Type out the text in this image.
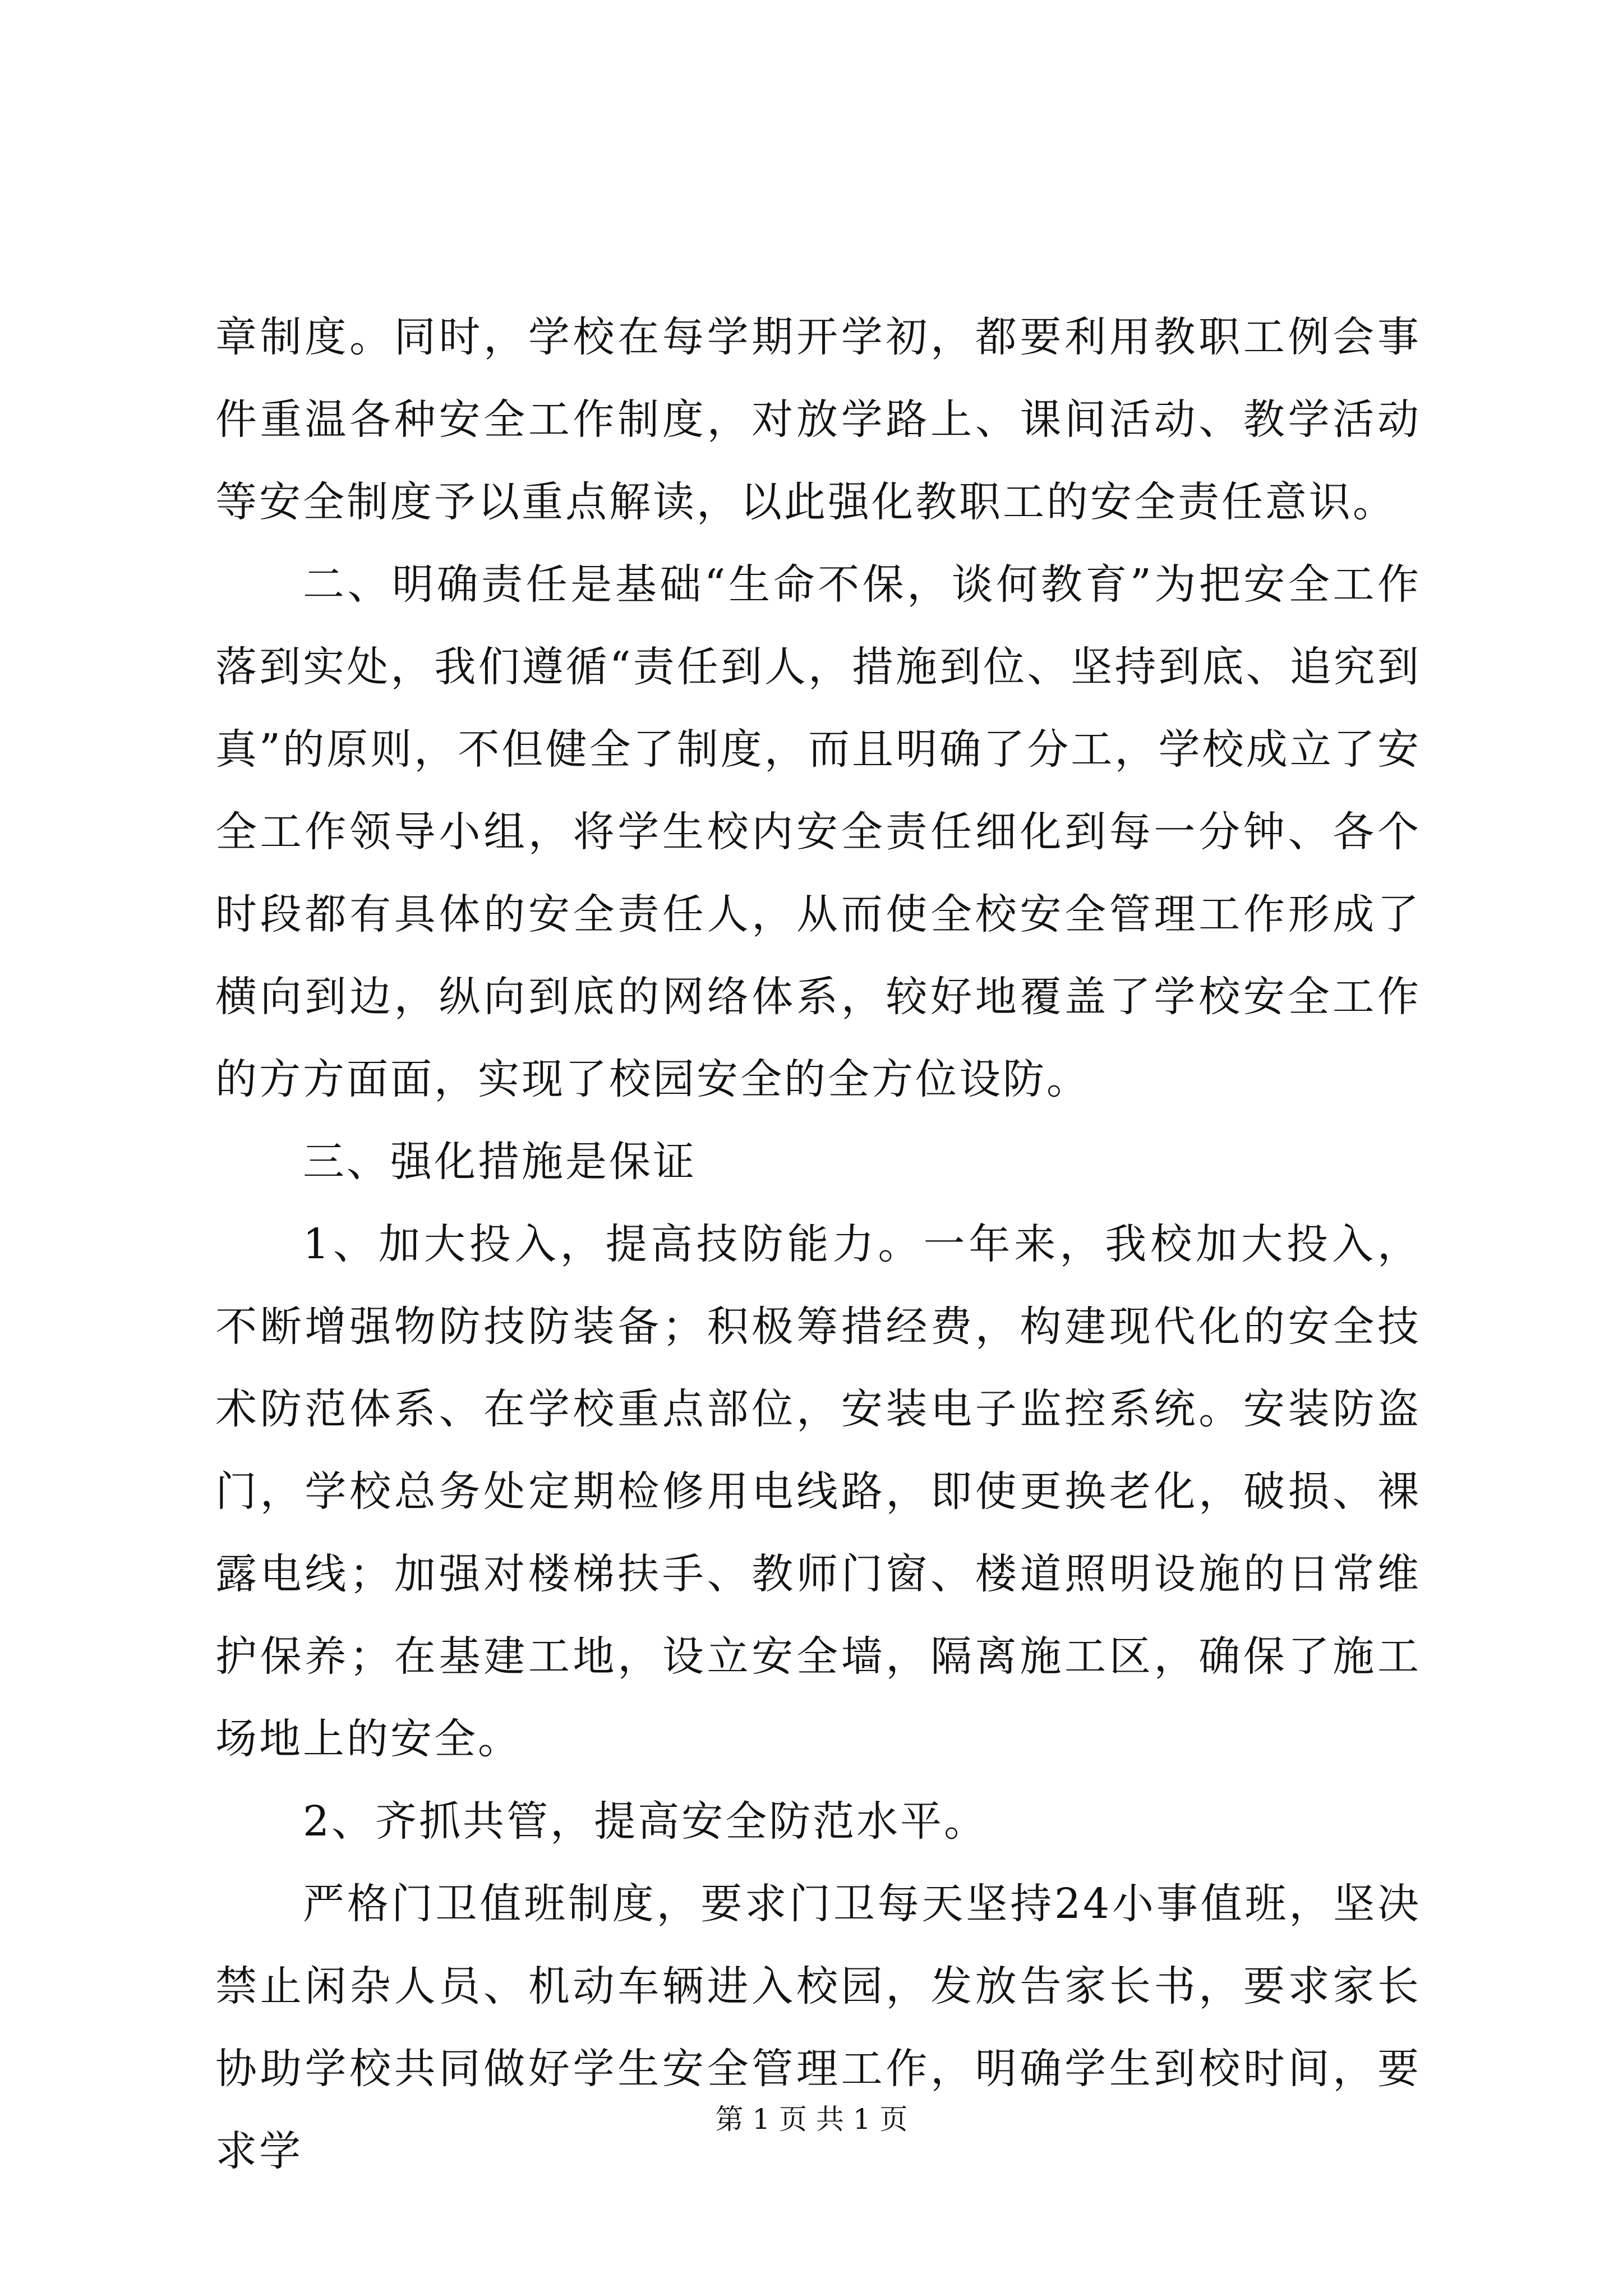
章制度。同时，学校在每学期开学初，都要利用教职工例会事件重温各种安全工作制度，对放学路上、课间活动、教学活动等安全制度予以重点解读，以此强化教职工的安全责任意识。

二、明确责任是基础“生命不保，谈何教育”为把安全工作落到实处，我们遵循“责任到人，措施到位、坚持到底、追究到真”的原则，不但健全了制度，而且明确了分工，学校成立了安全工作领导小组，将学生校内安全责任细化到每一分钟、各个时段都有具体的安全责任人，从而使全校安全管理工作形成了横向到边，纵向到底的网络体系，较好地覆盖了学校安全工作的方方面面，实现了校园安全的全方位设防。

三、强化措施是保证

1、加大投入，提高技防能力。一年来，我校加大投入，不断增强物防技防装备；积极筹措经费，构建现代化的安全技术防范体系、在学校重点部位，安装电子监控系统。安装防盗门，学校总务处定期检修用电线路，即使更换老化，破损、裸露电线；加强对楼梯扶手、教师门窗、楼道照明设施的日常维护保养；在基建工地，设立安全墙，隔离施工区，确保了施工场地上的安全。

2、齐抓共管，提高安全防范水平。

严格门卫值班制度，要求门卫每天坚持24小事值班，坚决禁止闲杂人员、机动车辆进入校园，发放告家长书，要求家长协助学校共同做好学生安全管理工作，明确学生到校时间，要求学

第 1 页 共 1 页
